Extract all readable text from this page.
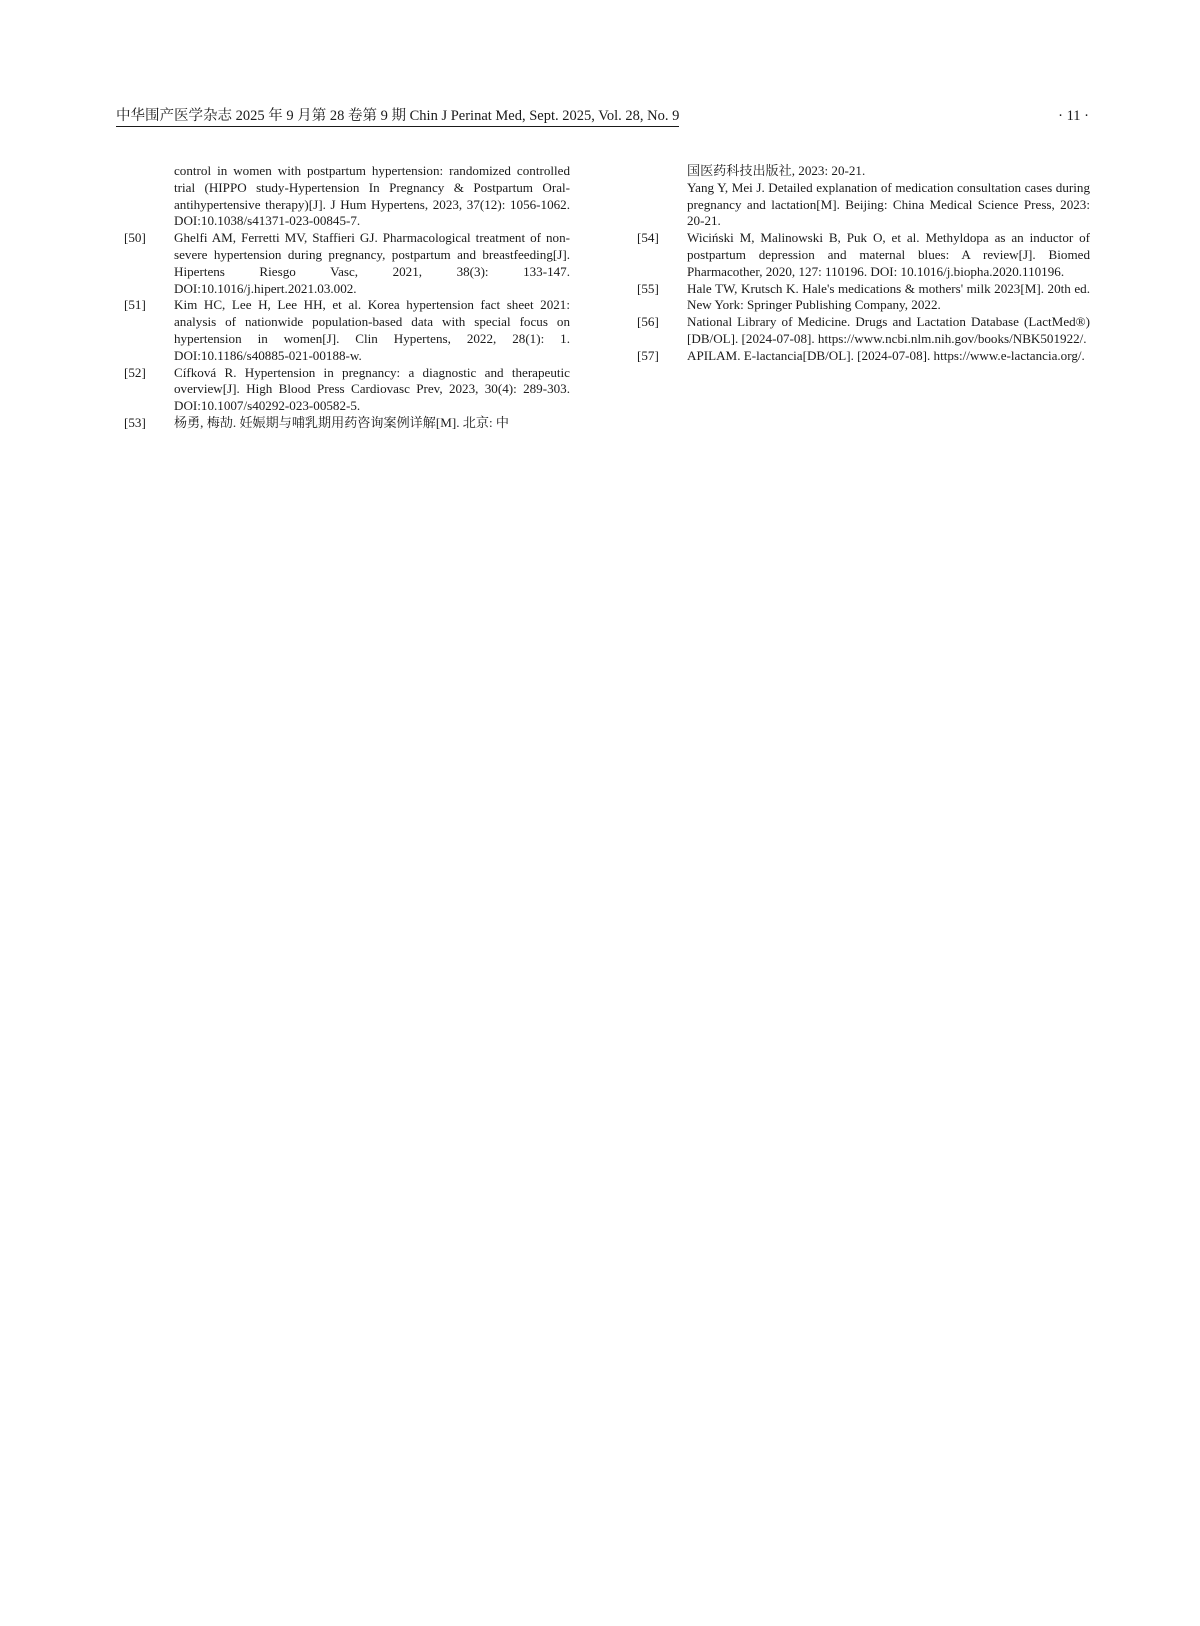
中华围产医学杂志 2025 年 9 月第 28 卷第 9 期 Chin J Perinat Med, Sept. 2025, Vol. 28, No. 9	· 11 ·
control in women with postpartum hypertension: randomized controlled trial (HIPPO study-Hypertension In Pregnancy & Postpartum Oral-antihypertensive therapy)[J]. J Hum Hypertens, 2023, 37(12): 1056-1062. DOI:10.1038/s41371-023-00845-7.
[50] Ghelfi AM, Ferretti MV, Staffieri GJ. Pharmacological treatment of non-severe hypertension during pregnancy, postpartum and breastfeeding[J]. Hipertens Riesgo Vasc, 2021, 38(3): 133-147. DOI:10.1016/j.hipert.2021.03.002.
[51] Kim HC, Lee H, Lee HH, et al. Korea hypertension fact sheet 2021: analysis of nationwide population-based data with special focus on hypertension in women[J]. Clin Hypertens, 2022, 28(1): 1. DOI:10.1186/s40885-021-00188-w.
[52] Cífková R. Hypertension in pregnancy: a diagnostic and therapeutic overview[J]. High Blood Press Cardiovasc Prev, 2023, 30(4): 289-303. DOI:10.1007/s40292-023-00582-5.
[53] 杨勇, 梅劼. 妊娠期与哺乳期用药咨询案例详解[M]. 北京: 中
国医药科技出版社, 2023: 20-21.
Yang Y, Mei J. Detailed explanation of medication consultation cases during pregnancy and lactation[M]. Beijing: China Medical Science Press, 2023: 20-21.
[54] Wiciński M, Malinowski B, Puk O, et al. Methyldopa as an inductor of postpartum depression and maternal blues: A review[J]. Biomed Pharmacother, 2020, 127: 110196. DOI: 10.1016/j.biopha.2020.110196.
[55] Hale TW, Krutsch K. Hale's medications & mothers' milk 2023[M]. 20th ed. New York: Springer Publishing Company, 2022.
[56] National Library of Medicine. Drugs and Lactation Database (LactMed®) [DB/OL]. [2024-07-08]. https://www.ncbi.nlm.nih.gov/books/NBK501922/.
[57] APILAM. E-lactancia[DB/OL]. [2024-07-08]. https://www.e-lactancia.org/.
